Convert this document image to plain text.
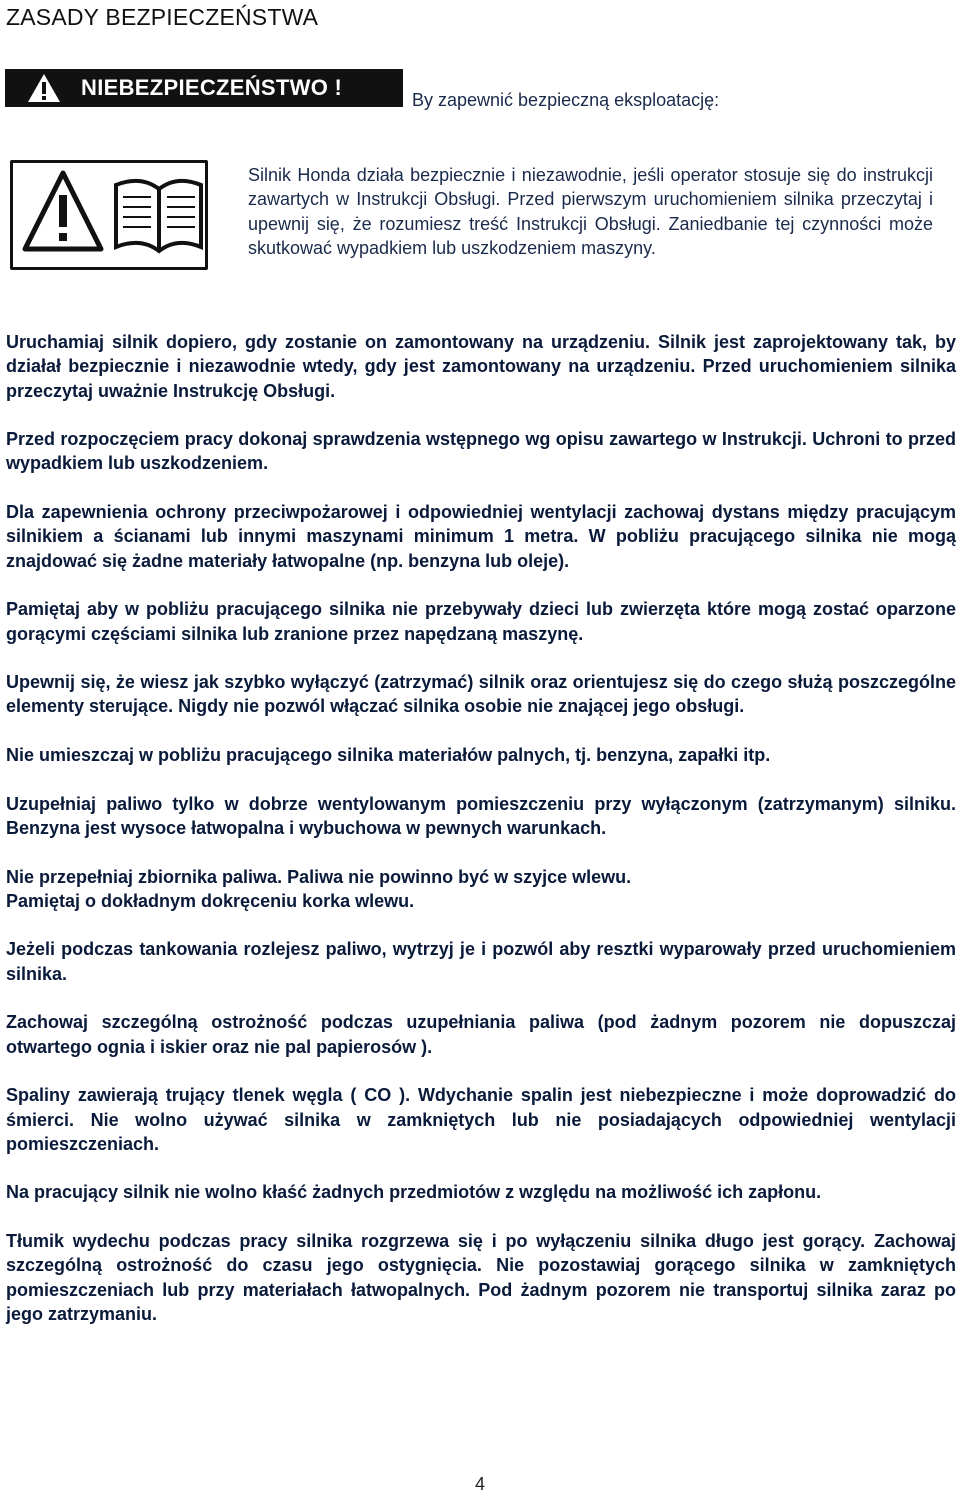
ZASADY BEZPIECZEŃSTWA
NIEBEZPIECZEŃSTWO !	By zapewnić bezpieczną eksploatację:

Silnik Honda działa bezpiecznie i niezawodnie, jeśli operator stosuje się do instrukcji zawartych w Instrukcji Obsługi. Przed pierwszym uruchomieniem silnika przeczytaj i upewnij się, że rozumiesz treść Instrukcji Obsługi. Zaniedbanie tej czynności może skutkować wypadkiem lub uszkodzeniem maszyny.

Uruchamiaj silnik dopiero, gdy zostanie on zamontowany na urządzeniu. Silnik jest zaprojektowany tak, by działał bezpiecznie i niezawodnie wtedy, gdy jest zamontowany na urządzeniu. Przed uruchomieniem silnika przeczytaj uważnie Instrukcję Obsługi.

Przed rozpoczęciem pracy dokonaj sprawdzenia wstępnego wg opisu zawartego w Instrukcji. Uchroni to przed wypadkiem lub uszkodzeniem.

Dla zapewnienia ochrony przeciwpożarowej i odpowiedniej wentylacji zachowaj dystans między pracującym silnikiem a ścianami lub innymi maszynami minimum 1 metra. W pobliżu pracującego silnika nie mogą znajdować się żadne materiały łatwopalne (np. benzyna lub oleje).

Pamiętaj aby w pobliżu pracującego silnika nie przebywały dzieci lub zwierzęta które mogą zostać oparzone gorącymi częściami silnika lub zranione przez napędzaną maszynę.

Upewnij się, że wiesz jak szybko wyłączyć (zatrzymać) silnik oraz orientujesz się do czego służą poszczególne elementy sterujące. Nigdy nie pozwól włączać silnika osobie nie znającej jego obsługi.

Nie umieszczaj w pobliżu pracującego silnika materiałów palnych, tj. benzyna, zapałki itp.

Uzupełniaj paliwo tylko w dobrze wentylowanym pomieszczeniu przy wyłączonym (zatrzymanym) silniku. Benzyna jest wysoce łatwopalna i wybuchowa w pewnych warunkach.

Nie przepełniaj zbiornika paliwa. Paliwa nie powinno być w szyjce wlewu.

Pamiętaj o dokładnym dokręceniu korka wlewu.

Jeżeli podczas tankowania rozlejesz paliwo, wytrzyj je i pozwól aby resztki wyparowały przed uruchomieniem silnika.

Zachowaj szczególną ostrożność podczas uzupełniania paliwa (pod żadnym pozorem nie dopuszczaj otwartego ognia i iskier oraz nie pal papierosów ).

Spaliny zawierają trujący tlenek węgla ( CO ). Wdychanie spalin jest niebezpieczne i może doprowadzić do śmierci. Nie wolno używać silnika w zamkniętych lub nie posiadających odpowiedniej wentylacji pomieszczeniach.

Na pracujący silnik nie wolno kłaść żadnych przedmiotów z względu na możliwość ich zapłonu.

Tłumik wydechu podczas pracy silnika rozgrzewa się i po wyłączeniu silnika długo jest gorący. Zachowaj szczególną ostrożność do czasu jego ostygnięcia. Nie pozostawiaj gorącego silnika w zamkniętych pomieszczeniach lub przy materiałach łatwopalnych. Pod żadnym pozorem nie transportuj silnika zaraz po jego zatrzymaniu.

4
